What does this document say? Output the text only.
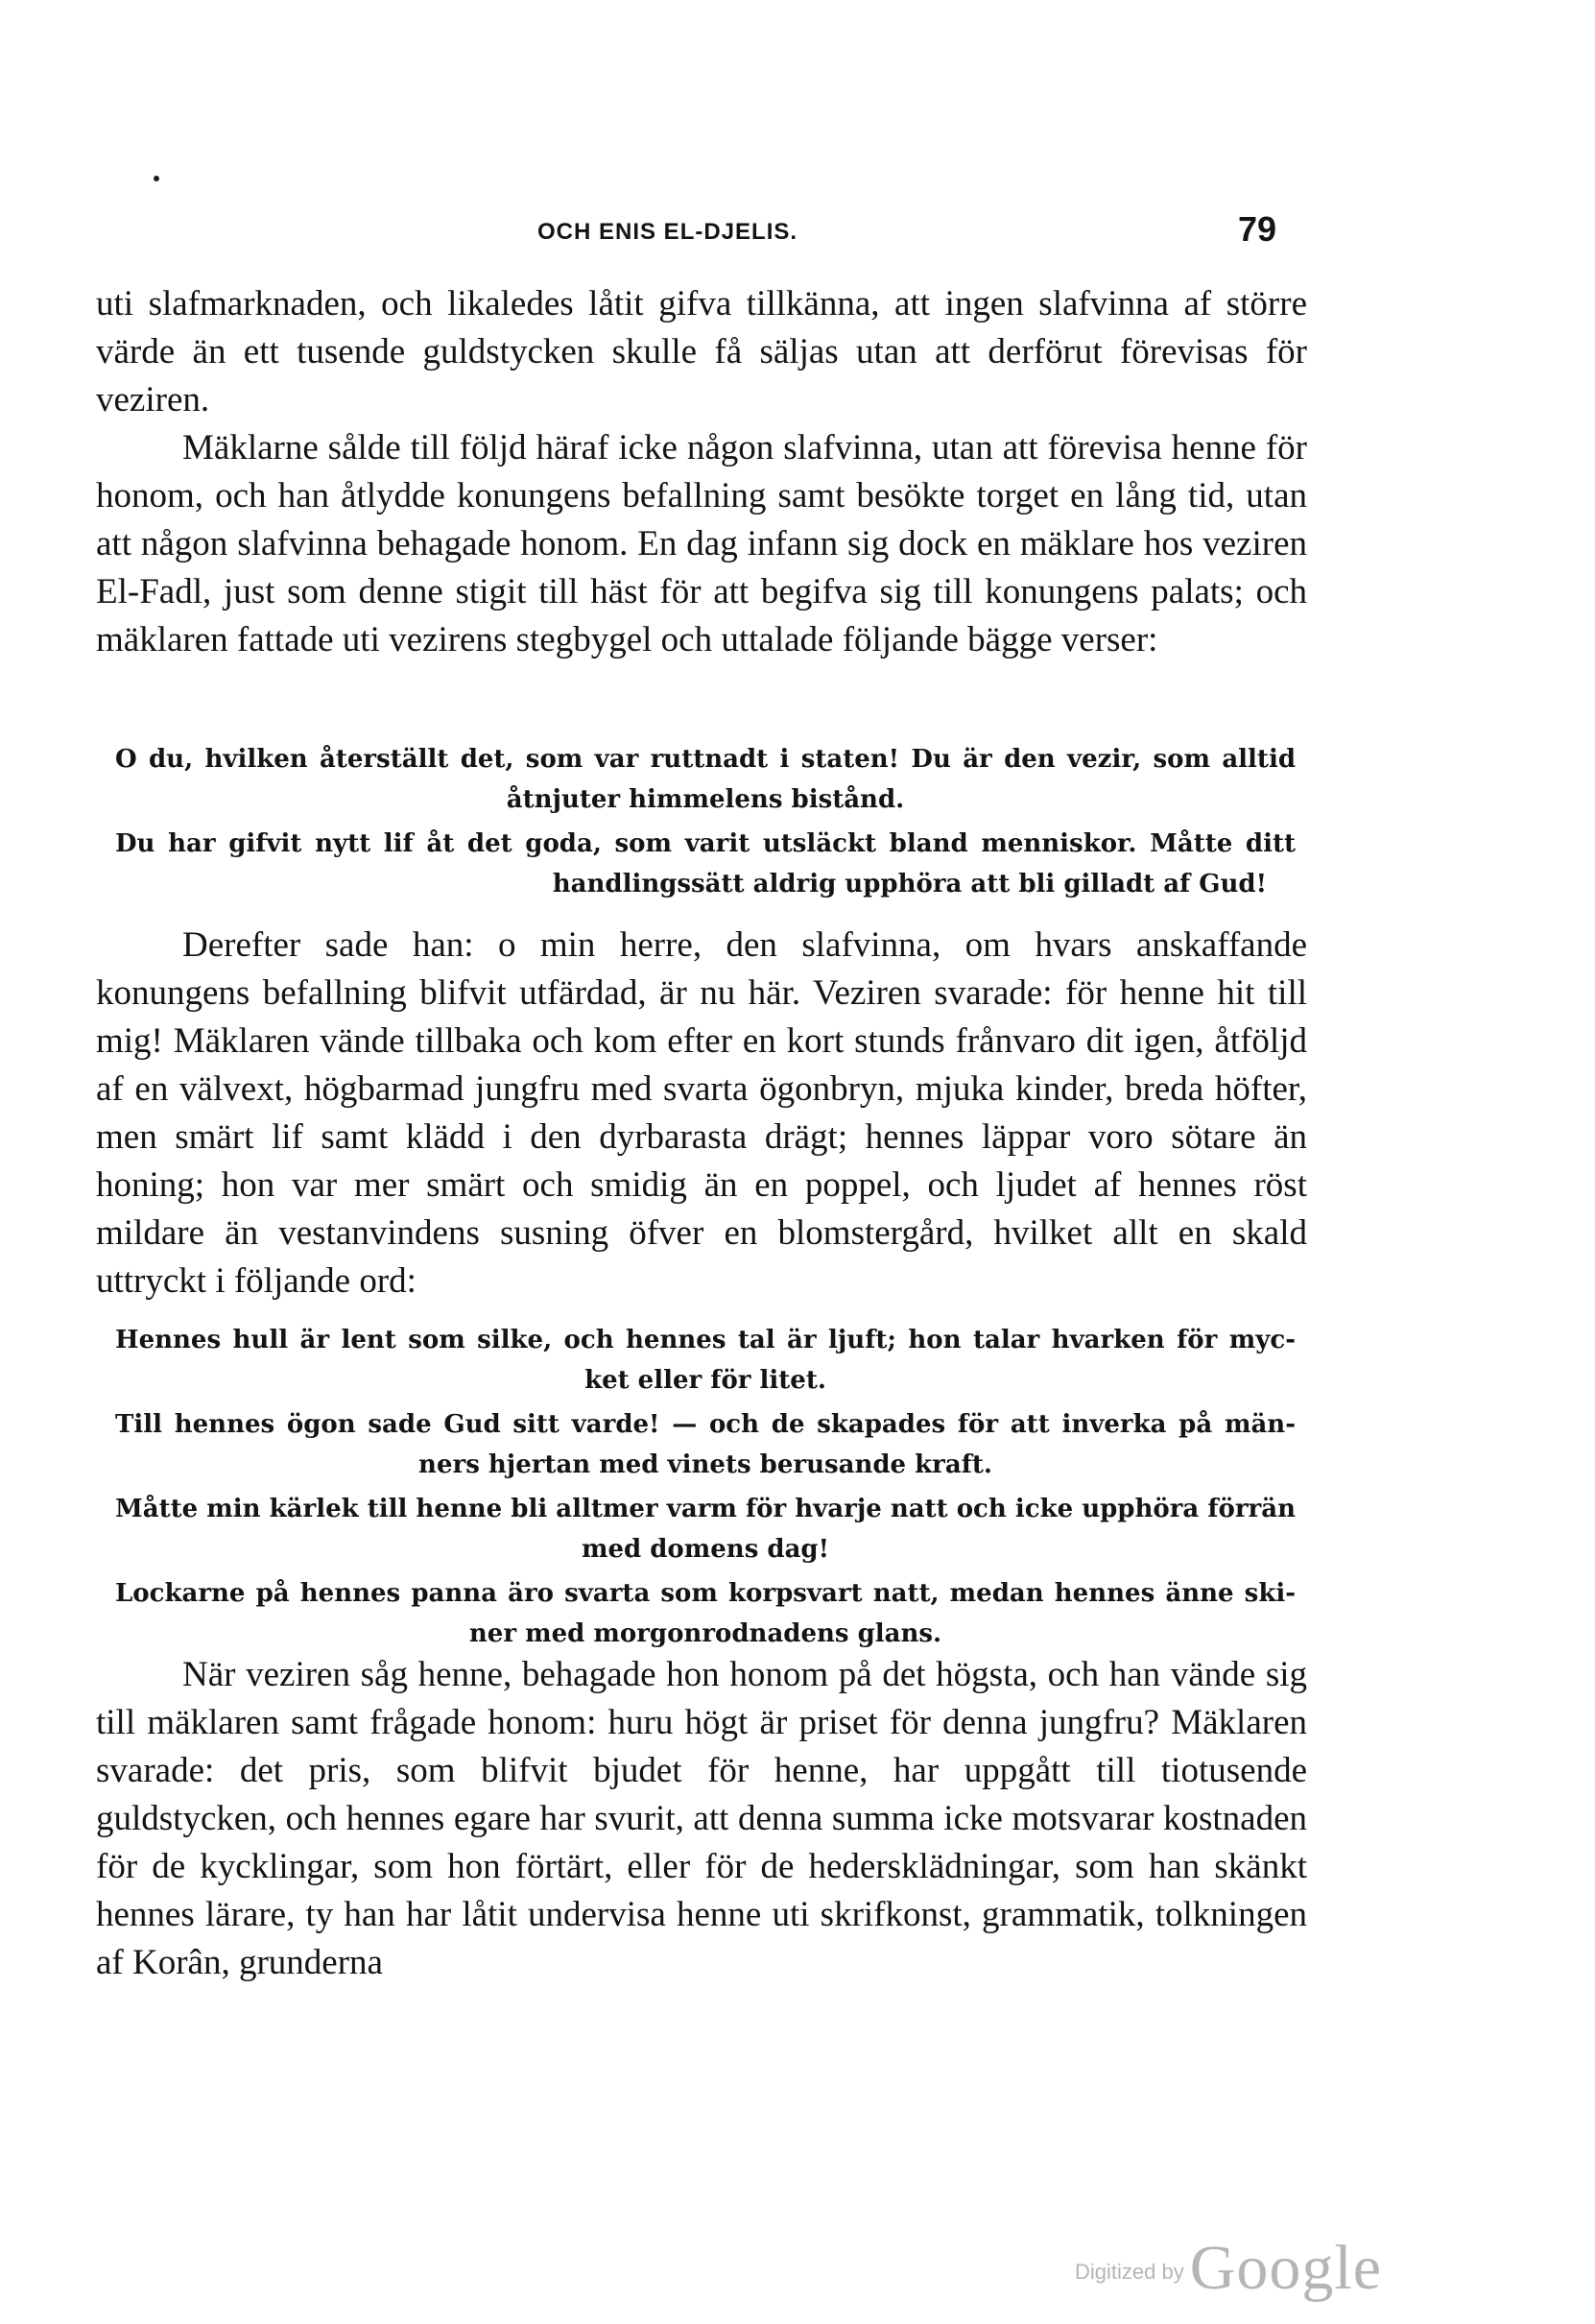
OCH ENIS EL-DJELIS.	79

uti slafmarknaden, och likaledes låtit gifva tillkänna, att ingen slafvinna af större värde än ett tusende guldstycken skulle få säljas utan att derförut förevisas för veziren.

Mäklarne sålde till följd häraf icke någon slafvinna, utan att förevisa henne för honom, och han åtlydde konungens befallning samt besökte torget en lång tid, utan att någon slafvinna behagade honom. En dag infann sig dock en mäklare hos veziren El-Fadl, just som denne stigit till häst för att begifva sig till konungens palats; och mäklaren fattade uti vezirens stegbygel och uttalade följande bägge verser:

O du, hvilken återställt det, som var ruttnadt i staten! Du är den vezir, som alltid
åtnjuter himmelens bistånd.
Du har gifvit nytt lif åt det goda, som varit utsläckt bland menniskor. Måtte ditt
handlingssätt aldrig upphöra att bli gilladt af Gud!

Derefter sade han: o min herre, den slafvinna, om hvars anskaffande konungens befallning blifvit utfärdad, är nu här. Veziren svarade: för henne hit till mig! Mäklaren vände tillbaka och kom efter en kort stunds frånvaro dit igen, åtföljd af en välvext, högbarmad jungfru med svarta ögonbryn, mjuka kinder, breda höfter, men smärt lif samt klädd i den dyrbarasta drägt; hennes läppar voro sötare än honing; hon var mer smärt och smidig än en poppel, och ljudet af hennes röst mildare än vestanvindens susning öfver en blomstergård, hvilket allt en skald uttryckt i följande ord:

Hennes hull är lent som silke, och hennes tal är ljuft; hon talar hvarken för myc-
ket eller för litet.
Till hennes ögon sade Gud sitt varde! — och de skapades för att inverka på män-
ners hjertan med vinets berusande kraft.
Måtte min kärlek till henne bli alltmer varm för hvarje natt och icke upphöra förrän
med domens dag!
Lockarne på hennes panna äro svarta som korpsvart natt, medan hennes änne ski-
ner med morgonrodnadens glans.

När veziren såg henne, behagade hon honom på det högsta, och han vände sig till mäklaren samt frågade honom: huru högt är priset för denna jungfru? Mäklaren svarade: det pris, som blifvit bjudet för henne, har uppgått till tiotusende guldstycken, och hennes egare har svurit, att denna summa icke motsvarar kostnaden för de kycklingar, som hon förtärt, eller för de hedersklädningar, som han skänkt hennes lärare, ty han har låtit undervisa henne uti skrifkonst, grammatik, tolkningen af Korân, grunderna

Digitized byGoogle
